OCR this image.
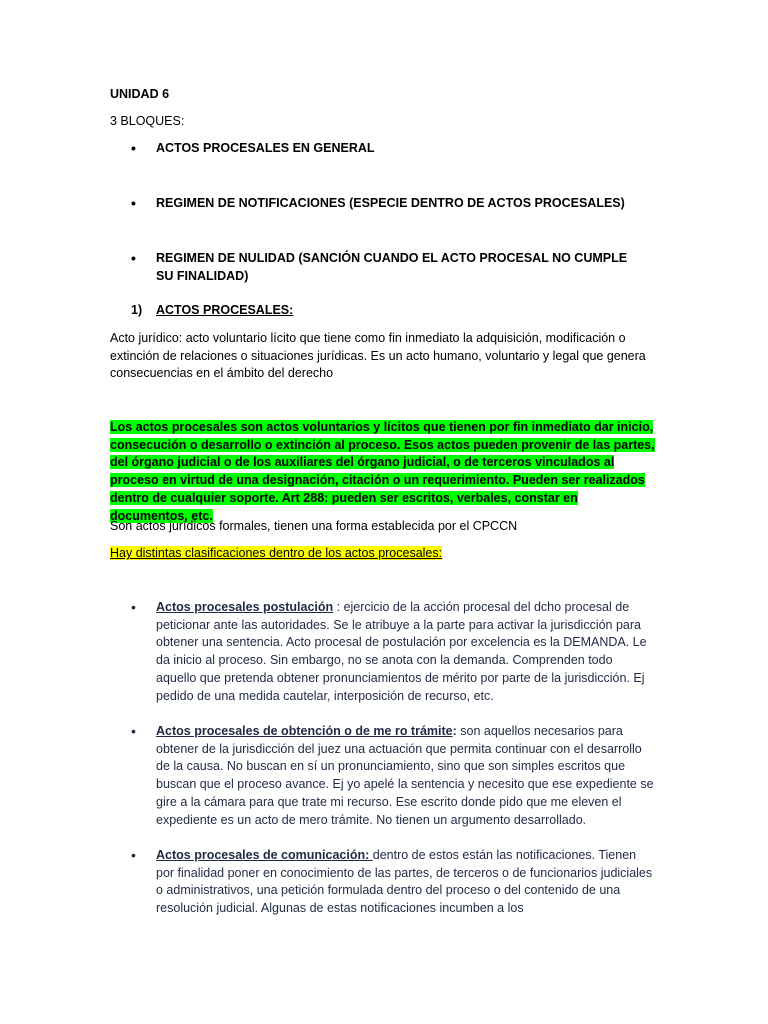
UNIDAD 6

3 BLOQUES:

• ACTOS PROCESALES EN GENERAL

• REGIMEN DE NOTIFICACIONES (ESPECIE DENTRO DE ACTOS PROCESALES)

• REGIMEN DE NULIDAD (SANCIÓN CUANDO EL ACTO PROCESAL NO CUMPLE SU FINALIDAD)

1) ACTOS PROCESALES:

Acto jurídico: acto voluntario lícito que tiene como fin inmediato la adquisición, modificación o extinción de relaciones o situaciones jurídicas. Es un acto humano, voluntario y legal que genera consecuencias en el ámbito del derecho

Los actos procesales son actos voluntarios y lícitos que tienen por fin inmediato dar inicio, consecución o desarrollo o extinción al proceso. Esos actos pueden provenir de las partes, del órgano judicial o de los auxiliares del órgano judicial, o de terceros vinculados al proceso en virtud de una designación, citación o un requerimiento. Pueden ser realizados dentro de cualquier soporte. Art 288: pueden ser escritos, verbales, constar en documentos, etc.

Son actos jurídicos formales, tienen una forma establecida por el CPCCN

Hay distintas clasificaciones dentro de los actos procesales:

• Actos procesales postulación : ejercicio de la acción procesal del dcho procesal de peticionar ante las autoridades. Se le atribuye a la parte para activar la jurisdicción para obtener una sentencia. Acto procesal de postulación por excelencia es la DEMANDA. Le da inicio al proceso. Sin embargo, no se anota con la demanda. Comprenden todo aquello que pretenda obtener pronunciamientos de mérito por parte de la jurisdicción. Ej pedido de una medida cautelar, interposición de recurso, etc.

• Actos procesales de obtención o de me ro trámite: son aquellos necesarios para obtener de la jurisdicción del juez una actuación que permita continuar con el desarrollo de la causa. No buscan en sí un pronunciamiento, sino que son simples escritos que buscan que el proceso avance. Ej yo apelé la sentencia y necesito que ese expediente se gire a la cámara para que trate mi recurso. Ese escrito donde pido que me eleven el expediente es un acto de mero trámite. No tienen un argumento desarrollado.

• Actos procesales de comunicación: dentro de estos están las notificaciones. Tienen por finalidad poner en conocimiento de las partes, de terceros o de funcionarios judiciales o administrativos, una petición formulada dentro del proceso o del contenido de una resolución judicial. Algunas de estas notificaciones incumben a los
